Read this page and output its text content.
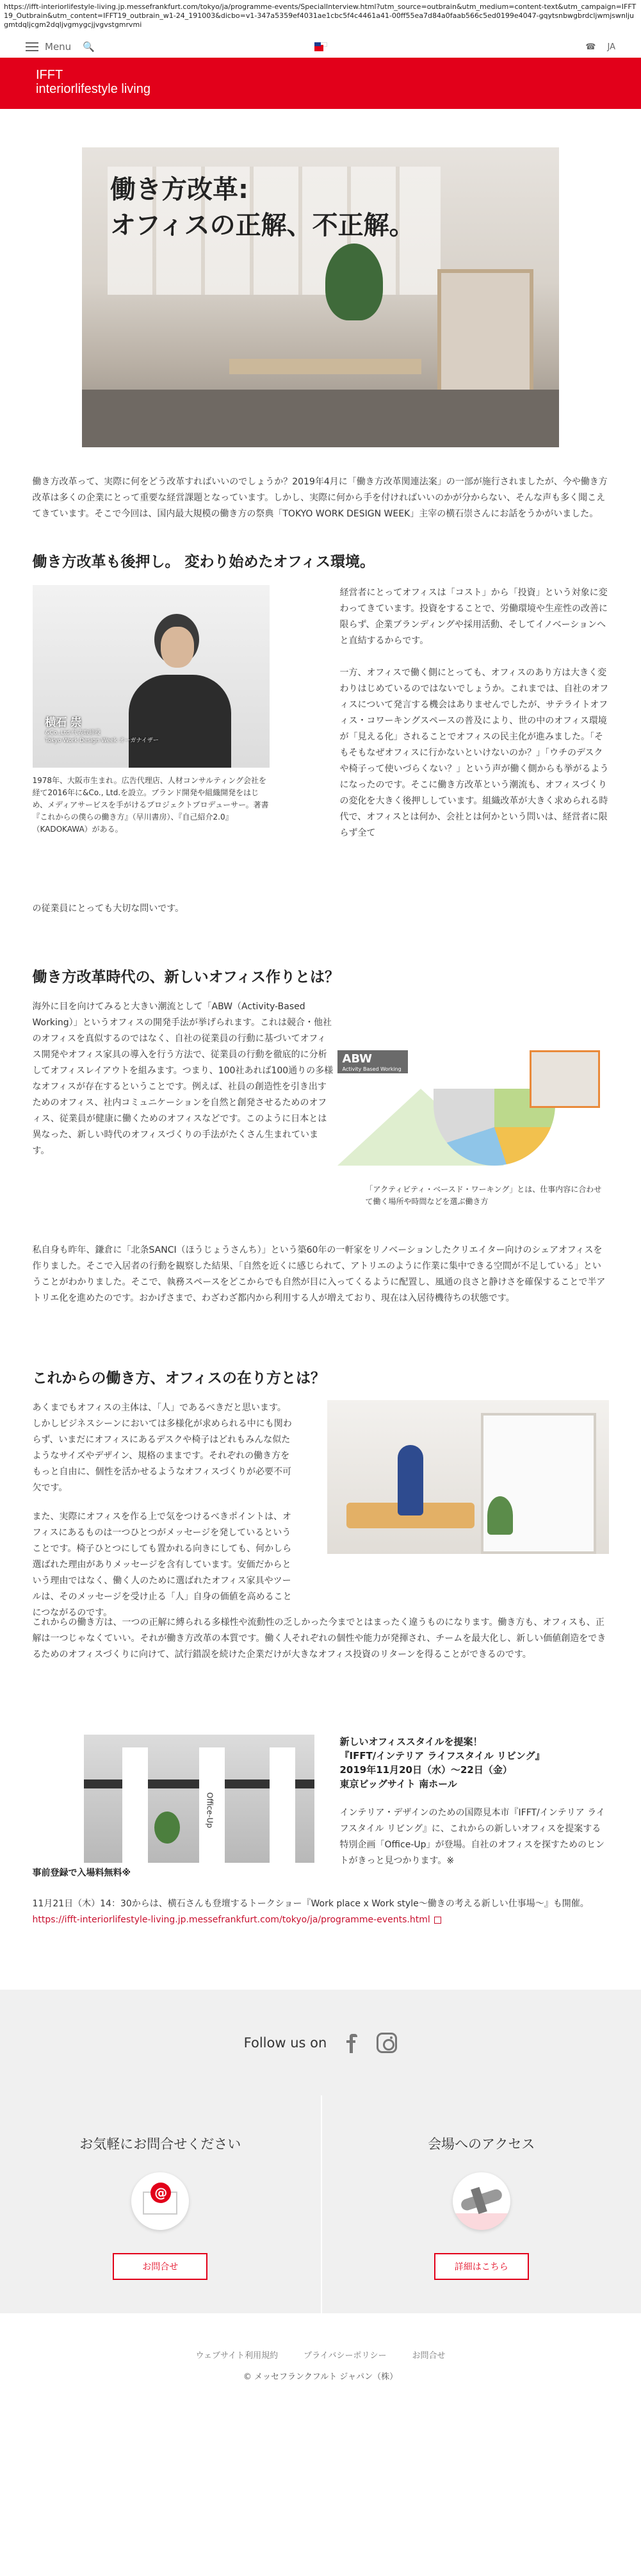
https://ifft-interiorlifestyle-living.jp.messefrankfurt.com/tokyo/ja/programme-events/SpecialInterview.html?utm_source=outbrain&utm_medium=content-text&utm_campaign=IFFT19_Outbrain&utm_content=IFFT19_outbrain_w1-24_191003&dicbo=v1-347a5359ef4031ae1cbc5f4c4461a41-00ff55ea7d84a0faab566c5ed0199e4047-gqytsnbwgbrdcljwmjswnljugmtdqljcgm2dqljvgmygcjjvgvstgmrvmi
Menu 🔍	☎ JA
IFFT
interiorlifestyle living
働き方改革:
オフィスの正解、不正解。

働き方改革って、実際に何をどう改革すればいいのでしょうか？2019年4月に「働き方改革関連法案」の一部が施行されましたが、今や働き方改革は多くの企業にとって重要な経営課題となっています。しかし、実際に何から手を付ければいいのかが分からない、そんな声も多く聞こえてきています。そこで今回は、国内最大規模の働き方の祭典「TOKYO WORK DESIGN WEEK」主宰の横石崇さんにお話をうかがいました。

働き方改革も後押し。 変わり始めたオフィス環境。
横石 崇
&Co.,Ltd.代表取締役
Tokyo Work Design Week オーガナイザー

1978年、大阪市生まれ。広告代理店、人材コンサルティング会社を経て2016年に&Co., Ltd.を設立。ブランド開発や組織開発をはじめ、メディアサービスを手がけるプロジェクトプロデューサー。著書『これからの僕らの働き方』（早川書房）、『自己紹介2.0』（KADOKAWA）がある。

経営者にとってオフィスは「コスト」から「投資」という対象に変わってきています。投資をすることで、労働環境や生産性の改善に限らず、企業ブランディングや採用活動、そしてイノベーションへと直結するからです。

一方、オフィスで働く側にとっても、オフィスのあり方は大きく変わりはじめているのではないでしょうか。これまでは、自社のオフィスについて発言する機会はありませんでしたが、サテライトオフィス・コワーキングスペースの普及により、世の中のオフィス環境が「見える化」されることでオフィスの民主化が進みました。「そもそもなぜオフィスに行かないといけないのか？」「ウチのデスクや椅子って使いづらくない？」という声が働く側からも挙がるようになったのです。そこに働き方改革という潮流も、オフィスづくりの変化を大きく後押ししています。組織改革が大きく求められる時代で、オフィスとは何か、会社とは何かという問いは、経営者に限らず全て

の従業員にとっても大切な問いです。

働き方改革時代の、新しいオフィス作りとは？

海外に目を向けてみると大きい潮流として「ABW（Activity-Based Working）」というオフィスの開発手法が挙げられます。これは競合・他社のオフィスを真似するのではなく、自社の従業員の行動に基づいてオフィス開発やオフィス家具の導入を行う方法で、従業員の行動を徹底的に分析してオフィスレイアウトを組みます。つまり、100社あれば100通りの多様なオフィスが存在するということです。例えば、社員の創造性を引き出すためのオフィス、社内コミュニケーションを自然と創発させるためのオフィス、従業員が健康に働くためのオフィスなどです。このように日本とは異なった、新しい時代のオフィスづくりの手法がたくさん生まれています。

ABW
Activity Based Working

「アクティビティ・ベースド・ワーキング」とは、仕事内容に合わせて働く場所や時間などを選ぶ働き方

私自身も昨年、鎌倉に「北条SANCI（ほうじょうさんち）」という築60年の一軒家をリノベーションしたクリエイター向けのシェアオフィスを作りました。そこで入居者の行動を観察した結果、「自然を近くに感じられて、アトリエのように作業に集中できる空間が不足している」ということがわかりました。そこで、執務スペースをどこからでも自然が目に入ってくるように配置し、風通の良さと静けさを確保することで半アトリエ化を進めたのです。おかげさまで、わざわざ都内から利用する人が増えており、現在は入居待機待ちの状態です。

これからの働き方、オフィスの在り方とは？

あくまでもオフィスの主体は、「人」であるべきだと思います。しかしビジネスシーンにおいては多様化が求められる中にも関わらず、いまだにオフィスにあるデスクや椅子はどれもみんな似たようなサイズやデザイン、規格のままです。それぞれの働き方をもっと自由に、個性を活かせるようなオフィスづくりが必要不可欠です。

また、実際にオフィスを作る上で気をつけるべきポイントは、オフィスにあるものは一つひとつがメッセージを発しているということです。椅子ひとつにしても置かれる向きにしても、何かしら選ばれた理由がありメッセージを含有しています。安価だからという理由ではなく、働く人のために選ばれたオフィス家具やツールは、そのメッセージを受け止る「人」自身の価値を高めることにつながるのです。

これからの働き方は、一つの正解に縛られる多様性や流動性の乏しかった今までとはまったく違うものになります。働き方も、オフィスも、正解は一つじゃなくていい。それが働き方改革の本質です。働く人それぞれの個性や能力が発揮され、チームを最大化し、新しい価値創造をできるためのオフィスづくりに向けて、試行錯誤を続けた企業だけが大きなオフィス投資のリターンを得ることができるのです。

Office-Up
新しいオフィススタイルを提案！
『IFFT/インテリア ライフスタイル リビング』
2019年11月20日（水）～22日（金）
東京ビッグサイト 南ホール

インテリア・デザインのための国際見本市『IFFT/インテリア ライフスタイル リビング』に、これからの新しいオフィスを提案する特別企画「Office-Up」が登場。自社のオフィスを探すためのヒントがきっと見つかります。※

事前登録で入場料無料※

11月21日（木）14：30からは、横石さんも登壇するトークショー『Work place x Work style～働きの考える新しい仕事場～』も開催。

https://ifft-interiorlifestyle-living.jp.messefrankfurt.com/tokyo/ja/programme-events.html
Follow us on
お気軽にお問合せください
@
お問合せ
会場へのアクセス
詳細はこちら
ウェブサイト利用規約	プライバシーポリシー	お問合せ
© メッセフランクフルト ジャパン（株）
